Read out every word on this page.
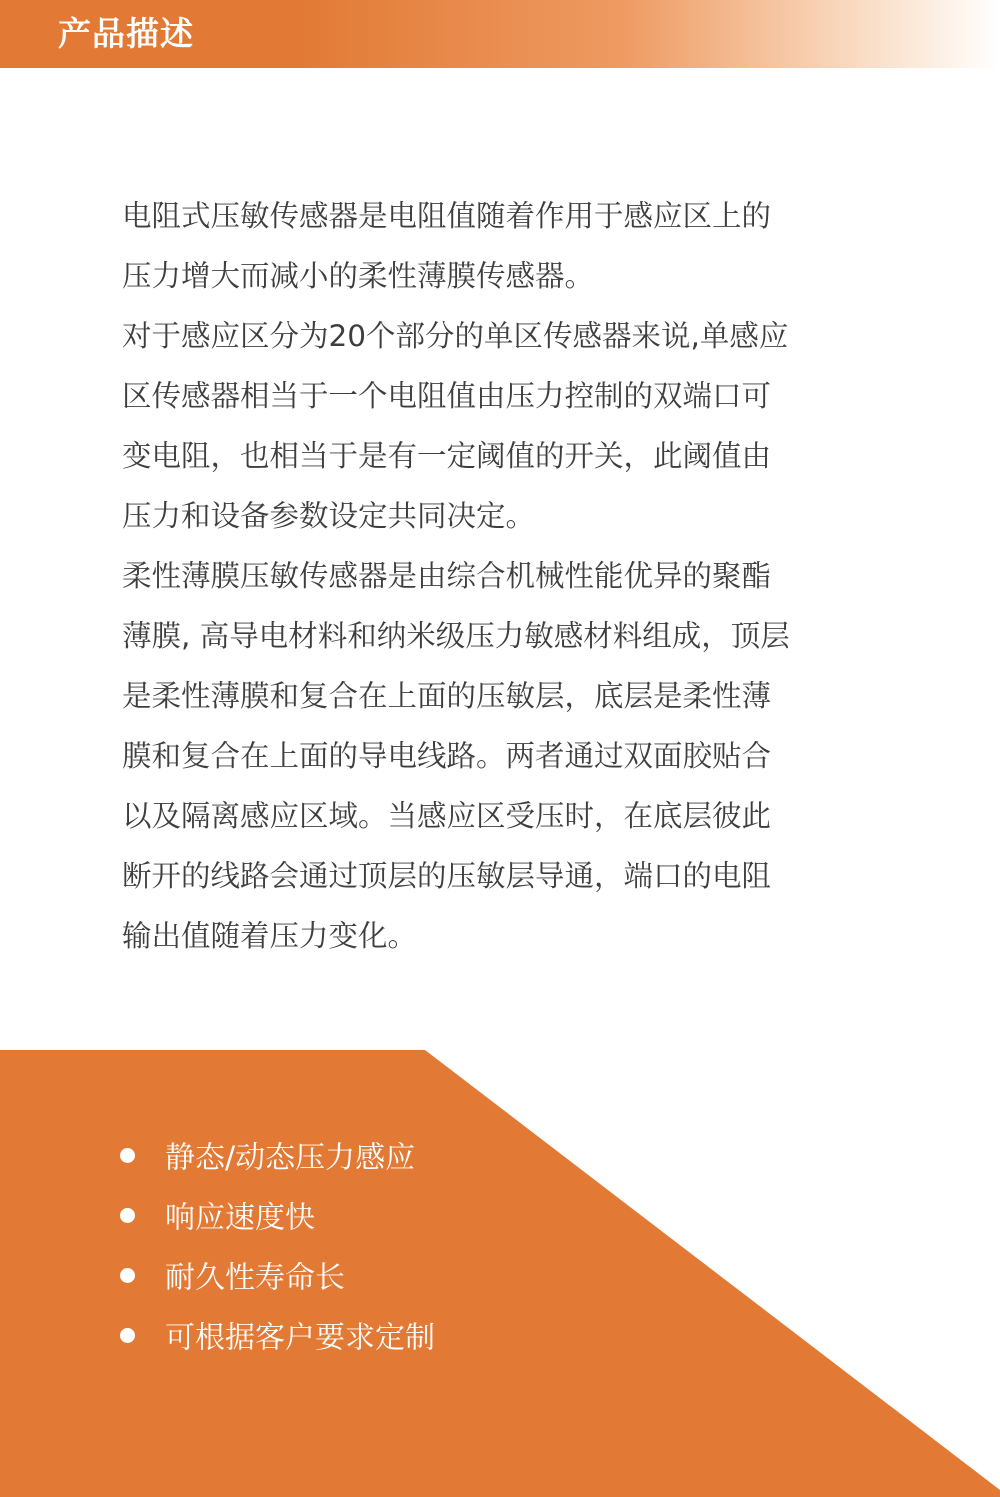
产品描述
电阻式压敏传感器是电阻值随着作用于感应区上的
压力增大而减小的柔性薄膜传感器。
对于感应区分为20个部分的单区传感器来说,单感应
区传感器相当于一个电阻值由压力控制的双端口可
变电阻，也相当于是有一定阈值的开关，此阈值由
压力和设备参数设定共同决定。
柔性薄膜压敏传感器是由综合机械性能优异的聚酯
薄膜, 高导电材料和纳米级压力敏感材料组成，顶层
是柔性薄膜和复合在上面的压敏层，底层是柔性薄
膜和复合在上面的导电线路。两者通过双面胶贴合
以及隔离感应区域。当感应区受压时，在底层彼此
断开的线路会通过顶层的压敏层导通，端口的电阻
输出值随着压力变化。
静态/动态压力感应
响应速度快
耐久性寿命长
可根据客户要求定制
